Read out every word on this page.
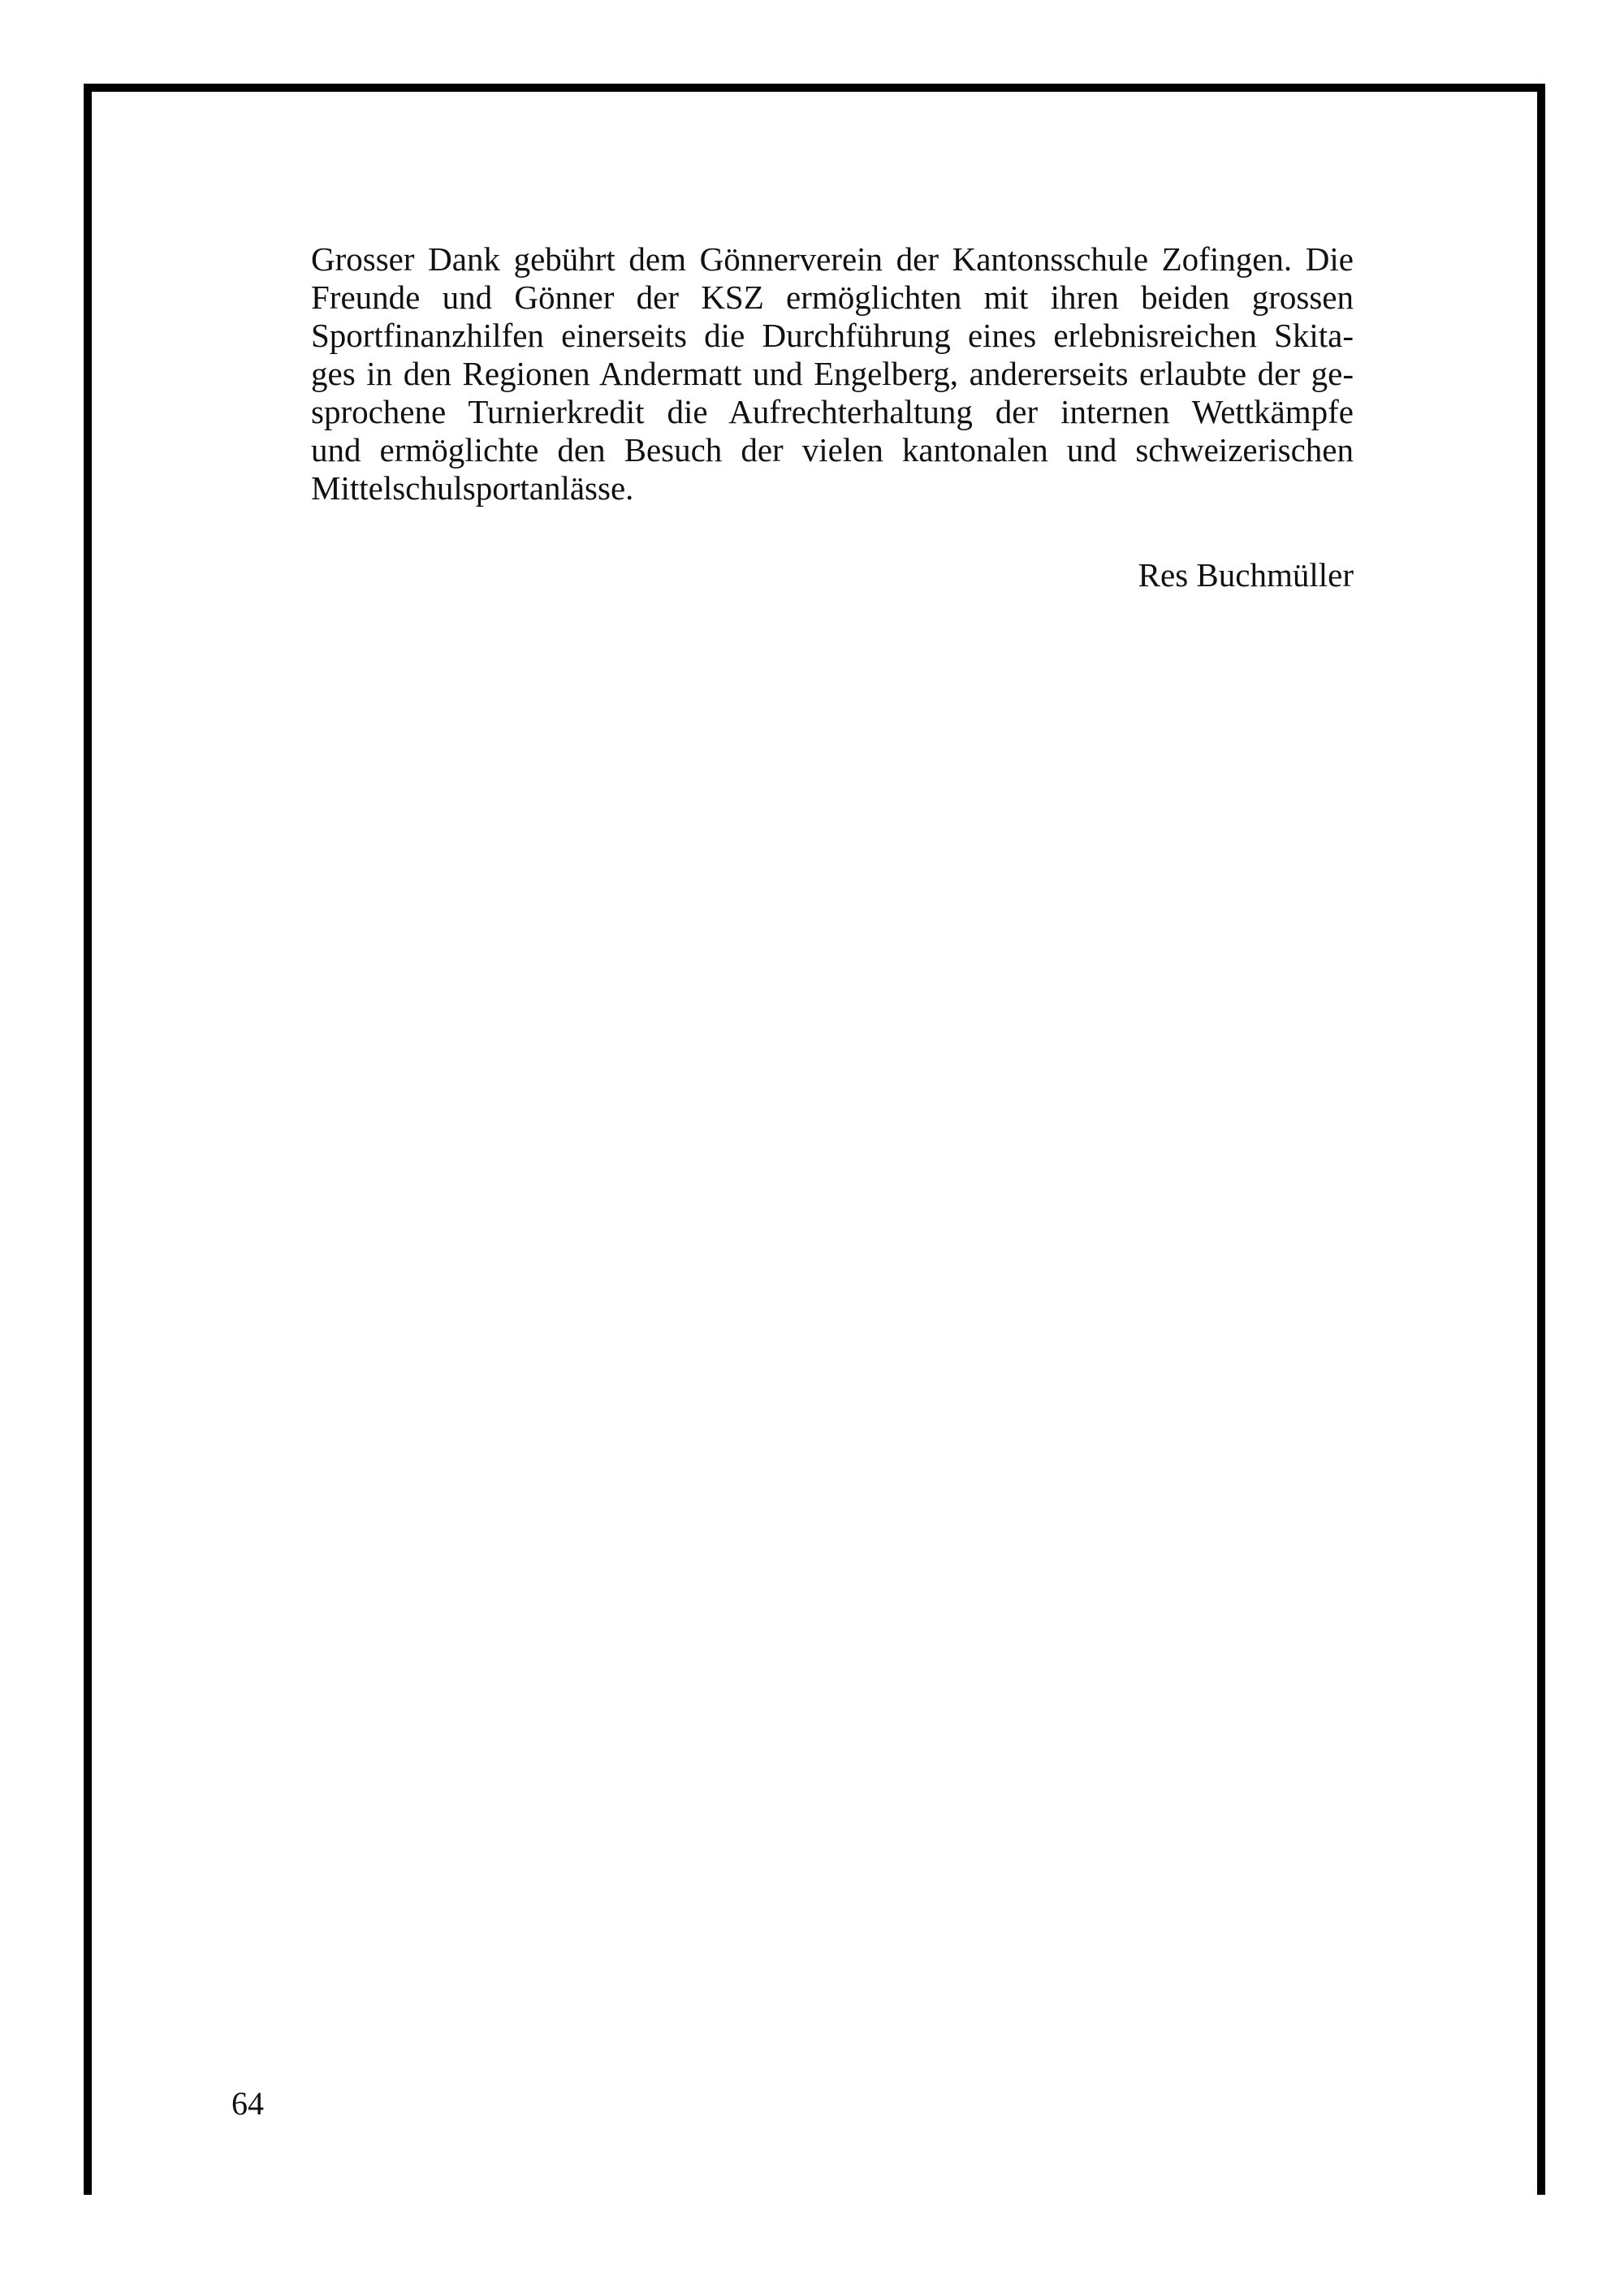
Grosser Dank gebührt dem Gönnerverein der Kantonsschule Zofingen. Die
Freunde und Gönner der KSZ ermöglichten mit ihren beiden grossen
Sportfinanzhilfen einerseits die Durchführung eines erlebnisreichen Skita-
ges in den Regionen Andermatt und Engelberg, andererseits erlaubte der ge-
sprochene Turnierkredit die Aufrechterhaltung der internen Wettkämpfe
und ermöglichte den Besuch der vielen kantonalen und schweizerischen
Mittelschulsportanlässe.

Res Buchmüller

64
